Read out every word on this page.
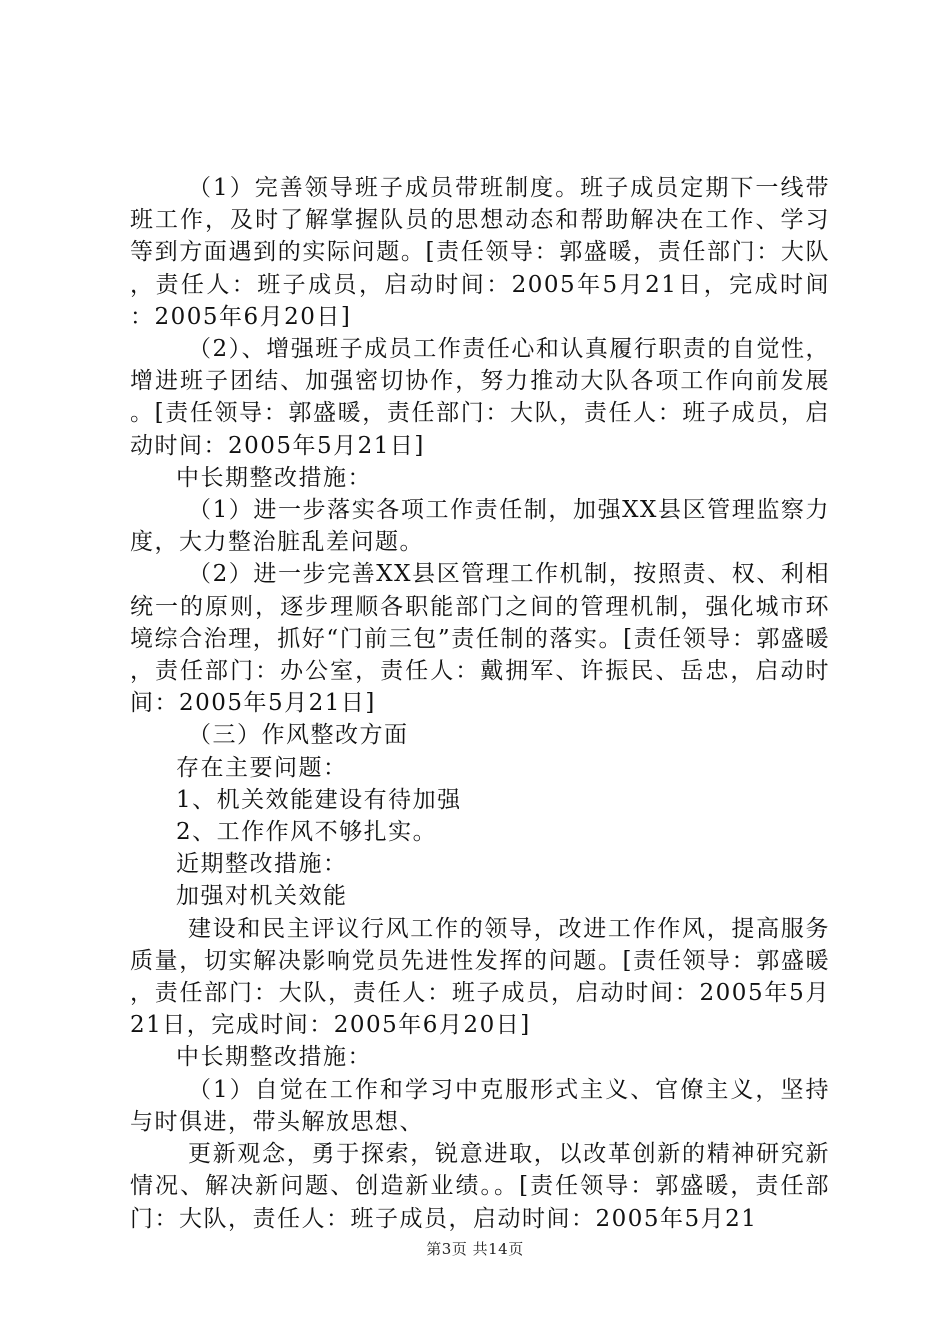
（1）完善领导班子成员带班制度。班子成员定期下一线带班工作，及时了解掌握队员的思想动态和帮助解决在工作、学习等到方面遇到的实际问题。[责任领导：郭盛暖，责任部门：大队，责任人：班子成员，启动时间：2005年5月21日，完成时间：2005年6月20日]

（2）、增强班子成员工作责任心和认真履行职责的自觉性，增进班子团结、加强密切协作，努力推动大队各项工作向前发展。[责任领导：郭盛暖，责任部门：大队，责任人：班子成员，启动时间：2005年5月21日]

中长期整改措施：

（1）进一步落实各项工作责任制，加强XX县区管理监察力度，大力整治脏乱差问题。

（2）进一步完善XX县区管理工作机制，按照责、权、利相统一的原则，逐步理顺各职能部门之间的管理机制，强化城市环境综合治理，抓好“门前三包”责任制的落实。[责任领导：郭盛暖，责任部门：办公室，责任人：戴拥军、许振民、岳忠，启动时间：2005年5月21日]

（三）作风整改方面

存在主要问题：

1、机关效能建设有待加强

2、工作作风不够扎实。

近期整改措施：

加强对机关效能

建设和民主评议行风工作的领导，改进工作作风，提高服务质量，切实解决影响党员先进性发挥的问题。[责任领导：郭盛暖，责任部门：大队，责任人：班子成员，启动时间：2005年5月21日，完成时间：2005年6月20日]

中长期整改措施：

（1）自觉在工作和学习中克服形式主义、官僚主义，坚持与时俱进，带头解放思想、

更新观念，勇于探索，锐意进取，以改革创新的精神研究新情况、解决新问题、创造新业绩。。[责任领导：郭盛暖，责任部门：大队，责任人：班子成员，启动时间：2005年5月21

第3页 共14页
